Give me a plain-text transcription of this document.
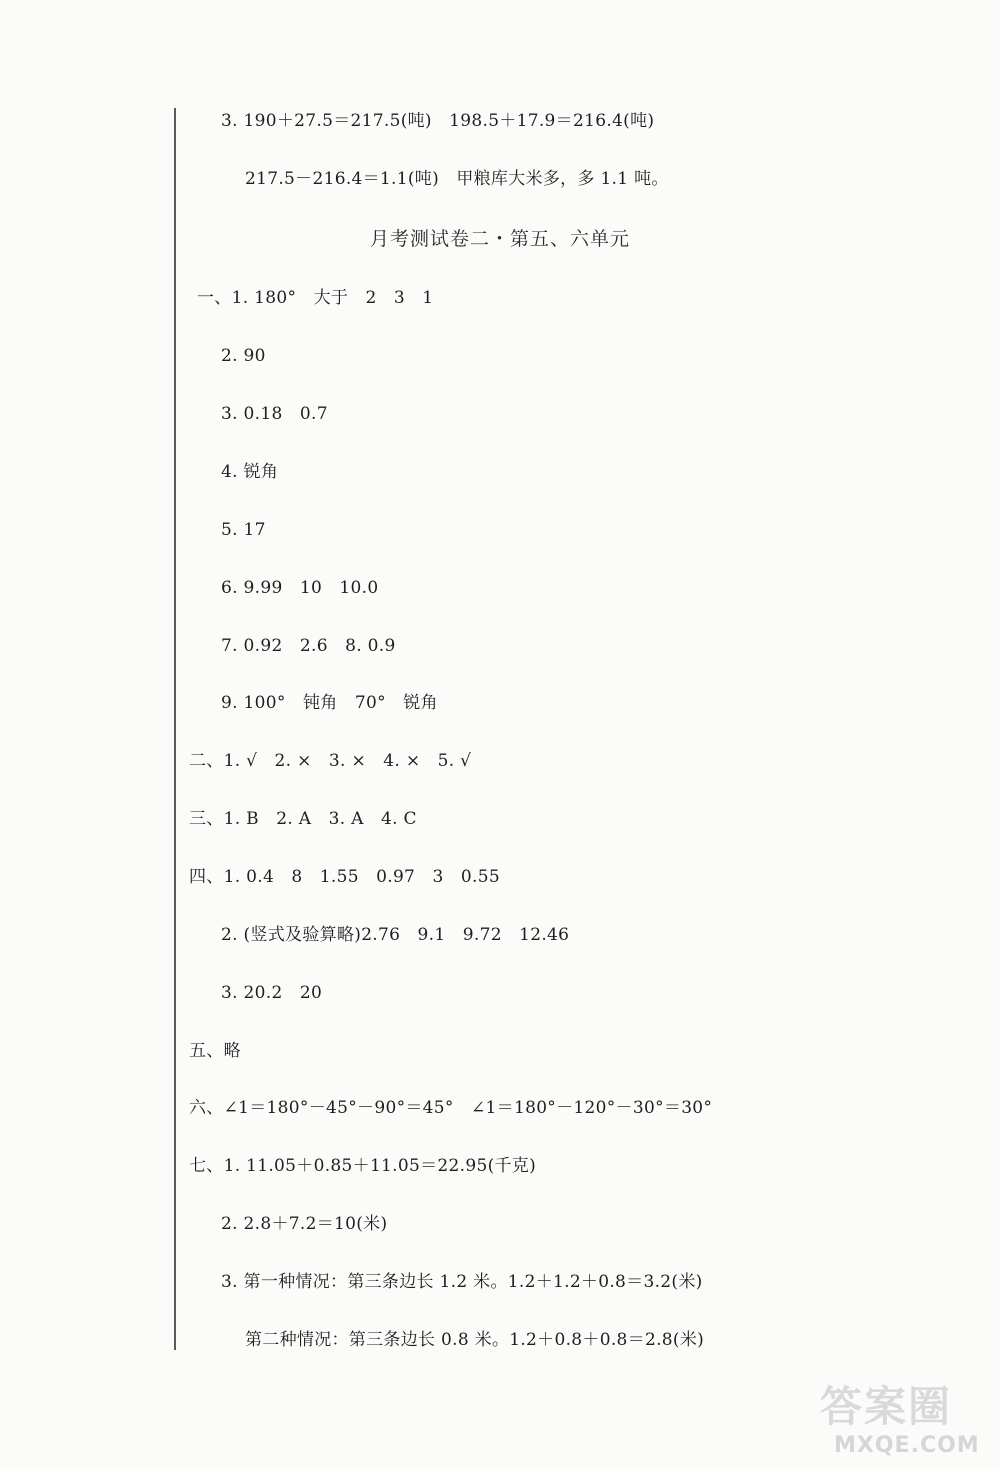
3. 190＋27.5＝217.5(吨)　198.5＋17.9＝216.4(吨)
217.5－216.4＝1.1(吨)　甲粮库大米多，多 1.1 吨。
月考测试卷二・第五、六单元
一、1. 180°　大于　2　3　1
2. 90
3. 0.18　0.7
4. 锐角
5. 17
6. 9.99　10　10.0
7. 0.92　2.6　8. 0.9
9. 100°　钝角　70°　锐角
二、1. √　2. ×　3. ×　4. ×　5. √
三、1. B　2. A　3. A　4. C
四、1. 0.4　8　1.55　0.97　3　0.55
2. (竖式及验算略)2.76　9.1　9.72　12.46
3. 20.2　20
五、略
六、∠1＝180°－45°－90°＝45°　∠1＝180°－120°－30°＝30°
七、1. 11.05＋0.85＋11.05＝22.95(千克)
2. 2.8＋7.2＝10(米)
3. 第一种情况：第三条边长 1.2 米。1.2＋1.2＋0.8＝3.2(米)
第二种情况：第三条边长 0.8 米。1.2＋0.8＋0.8＝2.8(米)
答案圈
MXQE.COM
